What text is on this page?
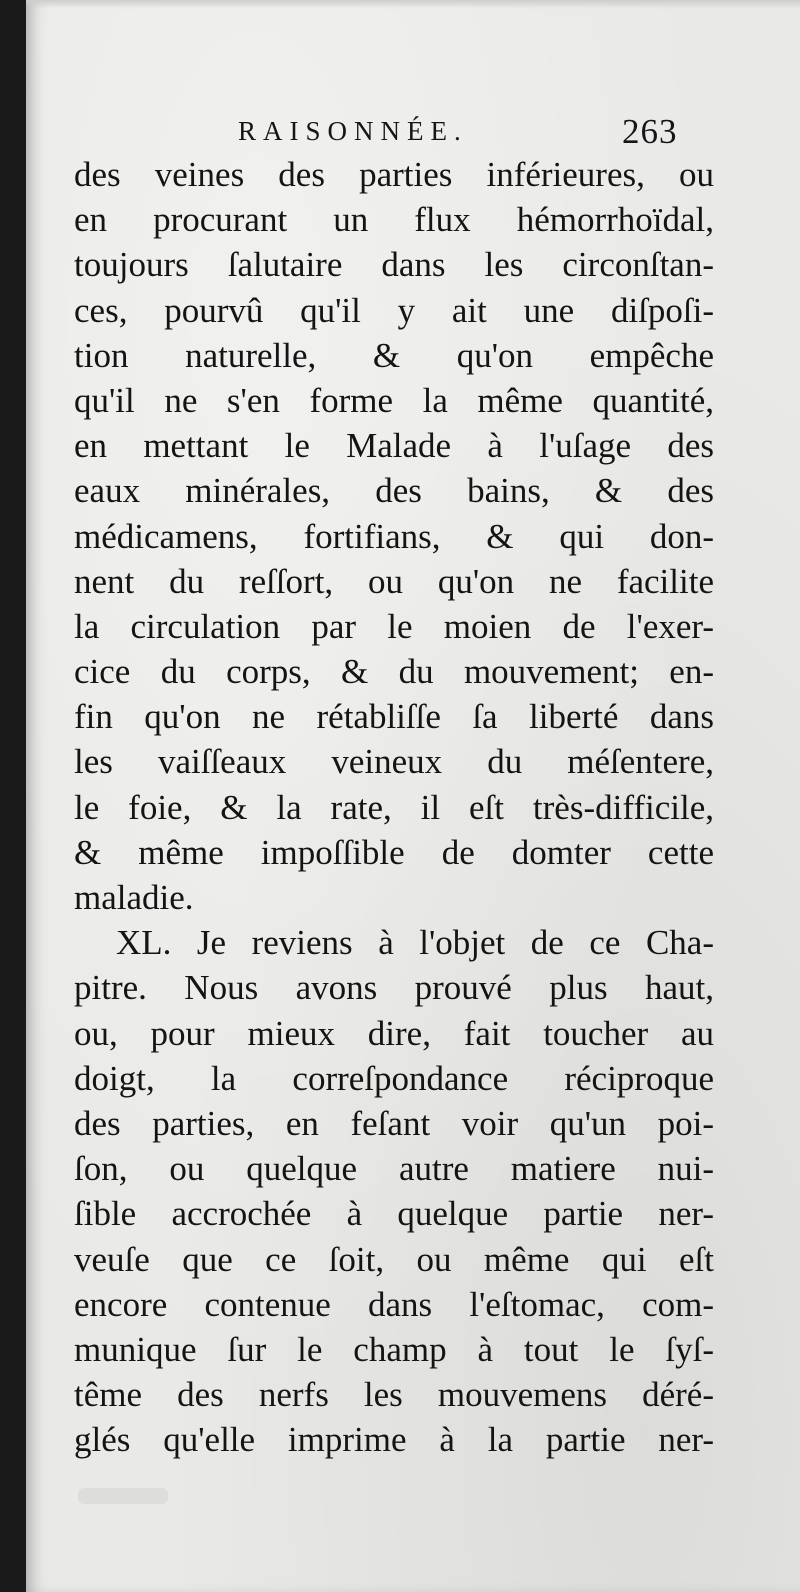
RAISONNÉE.	263
des veines des parties inférieures, ou
en procurant un flux hémorrhoïdal,
toujours ſalutaire dans les circonſtan-
ces, pourvû qu'il y ait une diſpoſi-
tion naturelle, & qu'on empêche
qu'il ne s'en forme la même quantité,
en mettant le Malade à l'uſage des
eaux minérales, des bains, & des
médicamens, fortifians, & qui don-
nent du reſſort, ou qu'on ne facilite
la circulation par le moien de l'exer-
cice du corps, & du mouvement; en-
fin qu'on ne rétabliſſe ſa liberté dans
les vaiſſeaux veineux du méſentere,
le foie, & la rate, il eſt très-difficile,
& même impoſſible de domter cette
maladie.
XL. Je reviens à l'objet de ce Cha-
pitre. Nous avons prouvé plus haut,
ou, pour mieux dire, fait toucher au
doigt, la correſpondance réciproque
des parties, en feſant voir qu'un poi-
ſon, ou quelque autre matiere nui-
ſible accrochée à quelque partie ner-
veuſe que ce ſoit, ou même qui eſt
encore contenue dans l'eſtomac, com-
munique ſur le champ à tout le ſyſ-
tême des nerfs les mouvemens déré-
glés qu'elle imprime à la partie ner-
